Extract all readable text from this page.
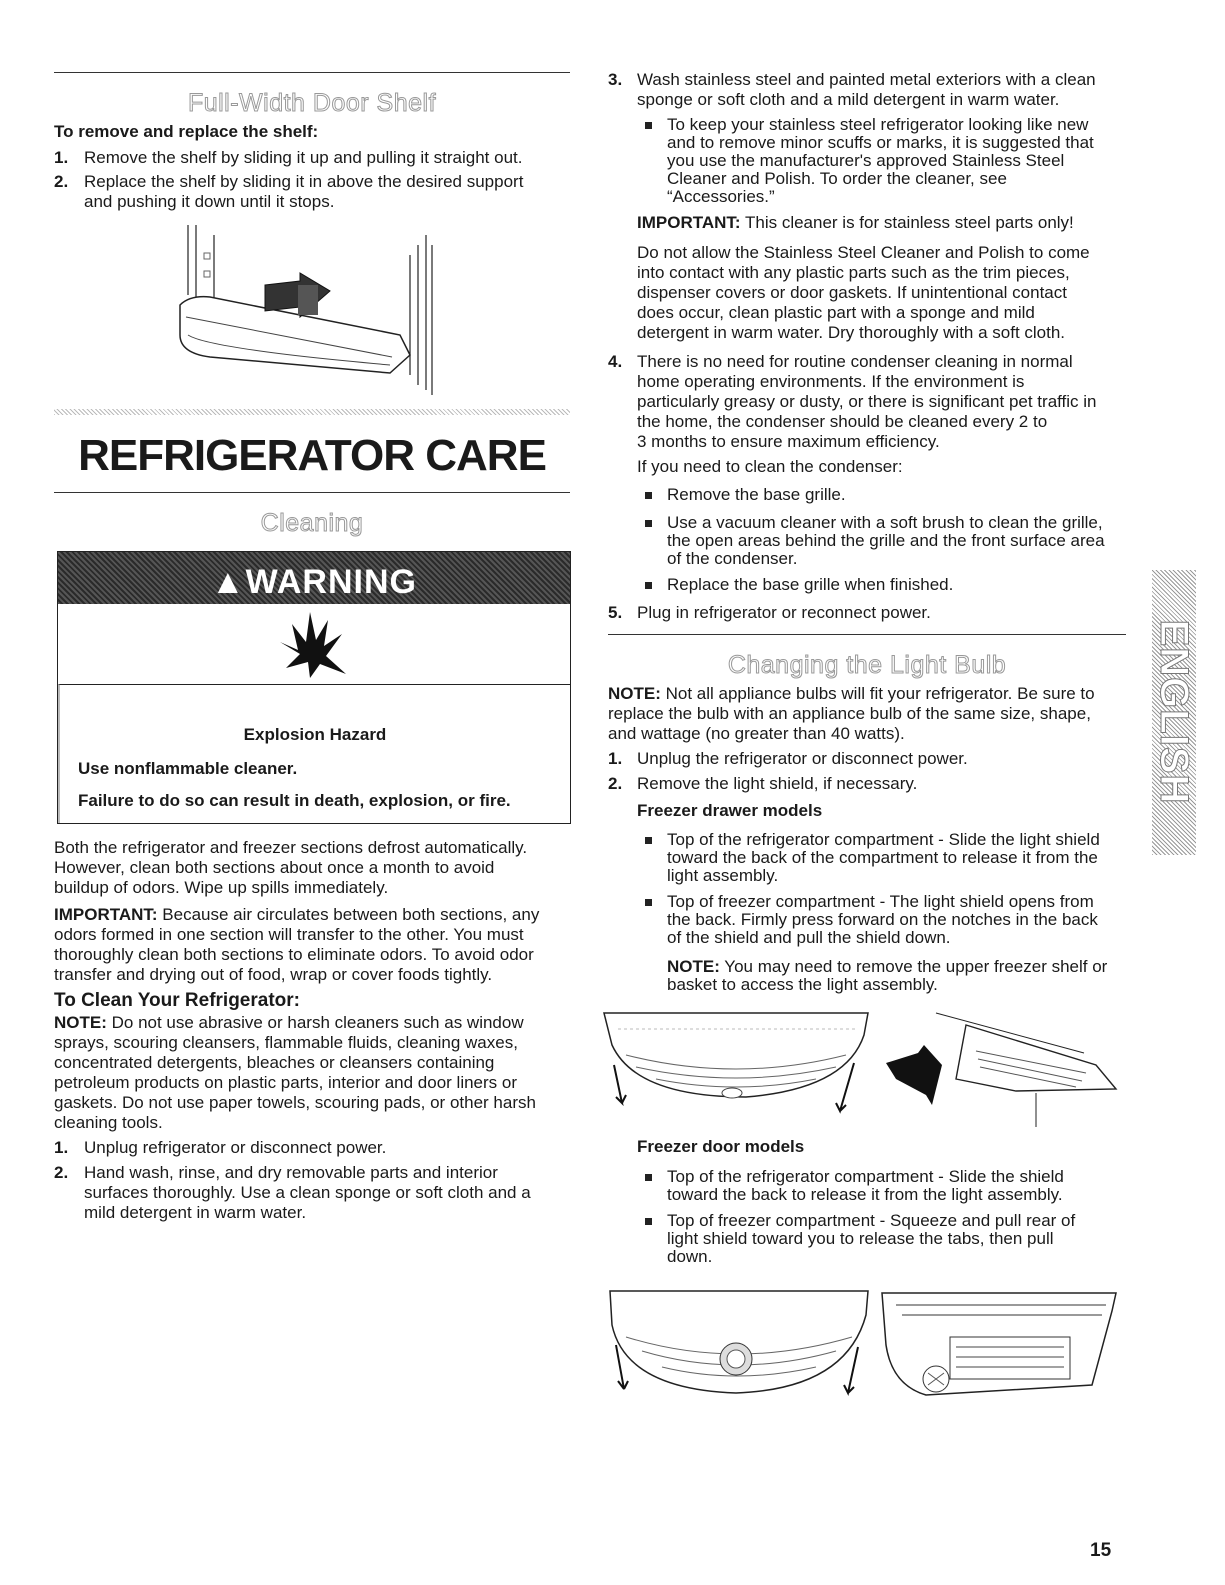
Full-Width Door Shelf
To remove and replace the shelf:
1. Remove the shelf by sliding it up and pulling it straight out.

2. Replace the shelf by sliding it in above the desired support

and pushing it down until it stops.

REFRIGERATOR CARE
Cleaning
▲WARNING
Explosion Hazard
Use nonflammable cleaner.
Failure to do so can result in death, explosion, or fire.

Both the refrigerator and freezer sections defrost automatically.

However, clean both sections about once a month to avoid

buildup of odors. Wipe up spills immediately.

IMPORTANT: Because air circulates between both sections, any

odors formed in one section will transfer to the other. You must

thoroughly clean both sections to eliminate odors. To avoid odor

transfer and drying out of food, wrap or cover foods tightly.

To Clean Your Refrigerator:

NOTE: Do not use abrasive or harsh cleaners such as window

sprays, scouring cleansers, flammable fluids, cleaning waxes,

concentrated detergents, bleaches or cleansers containing

petroleum products on plastic parts, interior and door liners or

gaskets. Do not use paper towels, scouring pads, or other harsh

cleaning tools.

1. Unplug refrigerator or disconnect power.

2. Hand wash, rinse, and dry removable parts and interior

surfaces thoroughly. Use a clean sponge or soft cloth and a

mild detergent in warm water.

3. Wash stainless steel and painted metal exteriors with a clean

sponge or soft cloth and a mild detergent in warm water.

To keep your stainless steel refrigerator looking like new

and to remove minor scuffs or marks, it is suggested that

you use the manufacturer's approved Stainless Steel

Cleaner and Polish. To order the cleaner, see

“Accessories.”

IMPORTANT: This cleaner is for stainless steel parts only!

Do not allow the Stainless Steel Cleaner and Polish to come

into contact with any plastic parts such as the trim pieces,

dispenser covers or door gaskets. If unintentional contact

does occur, clean plastic part with a sponge and mild

detergent in warm water. Dry thoroughly with a soft cloth.

4. There is no need for routine condenser cleaning in normal

home operating environments. If the environment is

particularly greasy or dusty, or there is significant pet traffic in

the home, the condenser should be cleaned every 2 to

3 months to ensure maximum efficiency.

If you need to clean the condenser:

Remove the base grille.

Use a vacuum cleaner with a soft brush to clean the grille,

the open areas behind the grille and the front surface area

of the condenser.

Replace the base grille when finished.

5. Plug in refrigerator or reconnect power.

Changing the Light Bulb

NOTE: Not all appliance bulbs will fit your refrigerator. Be sure to

replace the bulb with an appliance bulb of the same size, shape,

and wattage (no greater than 40 watts).

1. Unplug the refrigerator or disconnect power.

2. Remove the light shield, if necessary.

Freezer drawer models

Top of the refrigerator compartment - Slide the light shield

toward the back of the compartment to release it from the

light assembly.

Top of freezer compartment - The light shield opens from

the back. Firmly press forward on the notches in the back

of the shield and pull the shield down.

NOTE: You may need to remove the upper freezer shelf or

basket to access the light assembly.

Freezer door models

Top of the refrigerator compartment - Slide the shield

toward the back to release it from the light assembly.

Top of freezer compartment - Squeeze and pull rear of

light shield toward you to release the tabs, then pull

down.

ENGLISH
15
